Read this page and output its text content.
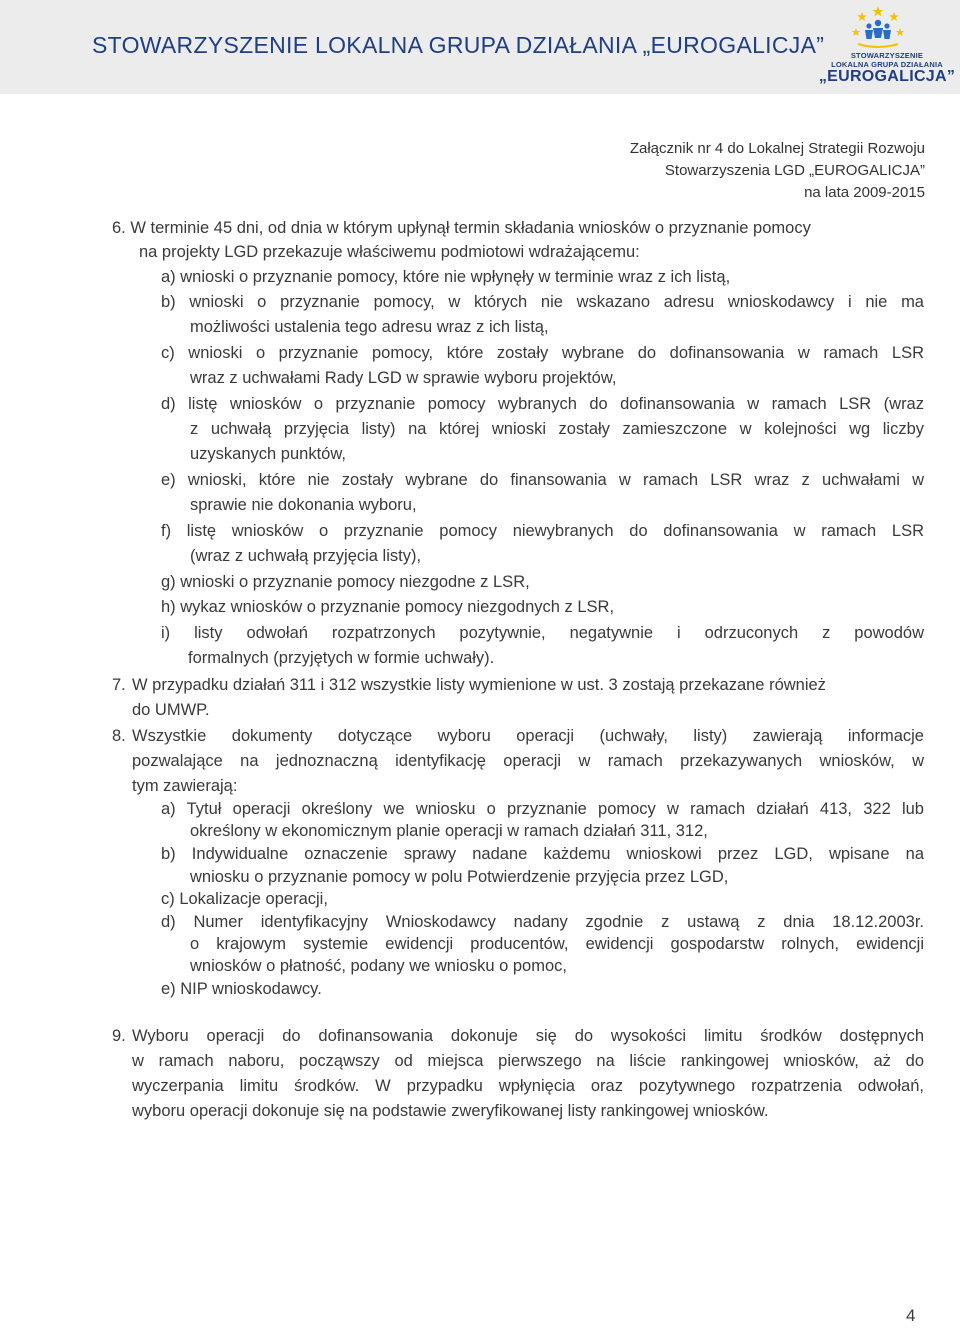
STOWARZYSZENIE LOKALNA GRUPA DZIAŁANIA „EUROGALICJA”	STOWARZYSZENIE
LOKALNA GRUPA DZIAŁANIA
„EUROGALICJA”
Załącznik nr 4 do Lokalnej Strategii Rozwoju
Stowarzyszenia LGD „EUROGALICJA”
na lata 2009-2015
6. W terminie 45 dni, od dnia w którym upłynął termin składania wniosków o przyznanie pomocy
na projekty LGD przekazuje właściwemu podmiotowi wdrażającemu:
a) wnioski o przyznanie pomocy, które nie wpłynęły w terminie wraz z ich listą,
b) wnioski o przyznanie pomocy, w których nie wskazano adresu wnioskodawcy i nie ma
możliwości ustalenia tego adresu wraz z ich listą,
c) wnioski o przyznanie pomocy, które zostały wybrane do dofinansowania w ramach LSR
wraz z uchwałami Rady LGD w sprawie wyboru projektów,
d) listę wniosków o przyznanie pomocy wybranych do dofinansowania w ramach LSR (wraz
z uchwałą przyjęcia listy) na której wnioski zostały zamieszczone w kolejności wg liczby
uzyskanych punktów,
e) wnioski, które nie zostały wybrane do finansowania w ramach LSR wraz z uchwałami w
sprawie nie dokonania wyboru,
f) listę wniosków o przyznanie pomocy niewybranych do dofinansowania w ramach LSR
(wraz z uchwałą przyjęcia listy),
g) wnioski o przyznanie pomocy niezgodne z LSR,
h) wykaz wniosków o przyznanie pomocy niezgodnych z LSR,
i) listy odwołań rozpatrzonych pozytywnie, negatywnie i odrzuconych z powodów
formalnych (przyjętych w formie uchwały).
7. W przypadku działań 311 i 312 wszystkie listy wymienione w ust. 3 zostają przekazane również
do UMWP.
8. Wszystkie dokumenty dotyczące wyboru operacji (uchwały, listy) zawierają informacje
pozwalające na jednoznaczną identyfikację operacji w ramach przekazywanych wniosków, w
tym zawierają:
a) Tytuł operacji określony we wniosku o przyznanie pomocy w ramach działań 413, 322 lub
określony w ekonomicznym planie operacji w ramach działań 311, 312,
b) Indywidualne oznaczenie sprawy nadane każdemu wnioskowi przez LGD, wpisane na
wniosku o przyznanie pomocy w polu Potwierdzenie przyjęcia przez LGD,
c) Lokalizacje operacji,
d) Numer identyfikacyjny Wnioskodawcy nadany zgodnie z ustawą z dnia 18.12.2003r.
o krajowym systemie ewidencji producentów, ewidencji gospodarstw rolnych, ewidencji
wniosków o płatność, podany we wniosku o pomoc,
e) NIP wnioskodawcy.
9. Wyboru operacji do dofinansowania dokonuje się do wysokości limitu środków dostępnych
w ramach naboru, począwszy od miejsca pierwszego na liście rankingowej wniosków, aż do
wyczerpania limitu środków. W przypadku wpłynięcia oraz pozytywnego rozpatrzenia odwołań,
wyboru operacji dokonuje się na podstawie zweryfikowanej listy rankingowej wniosków.
4
